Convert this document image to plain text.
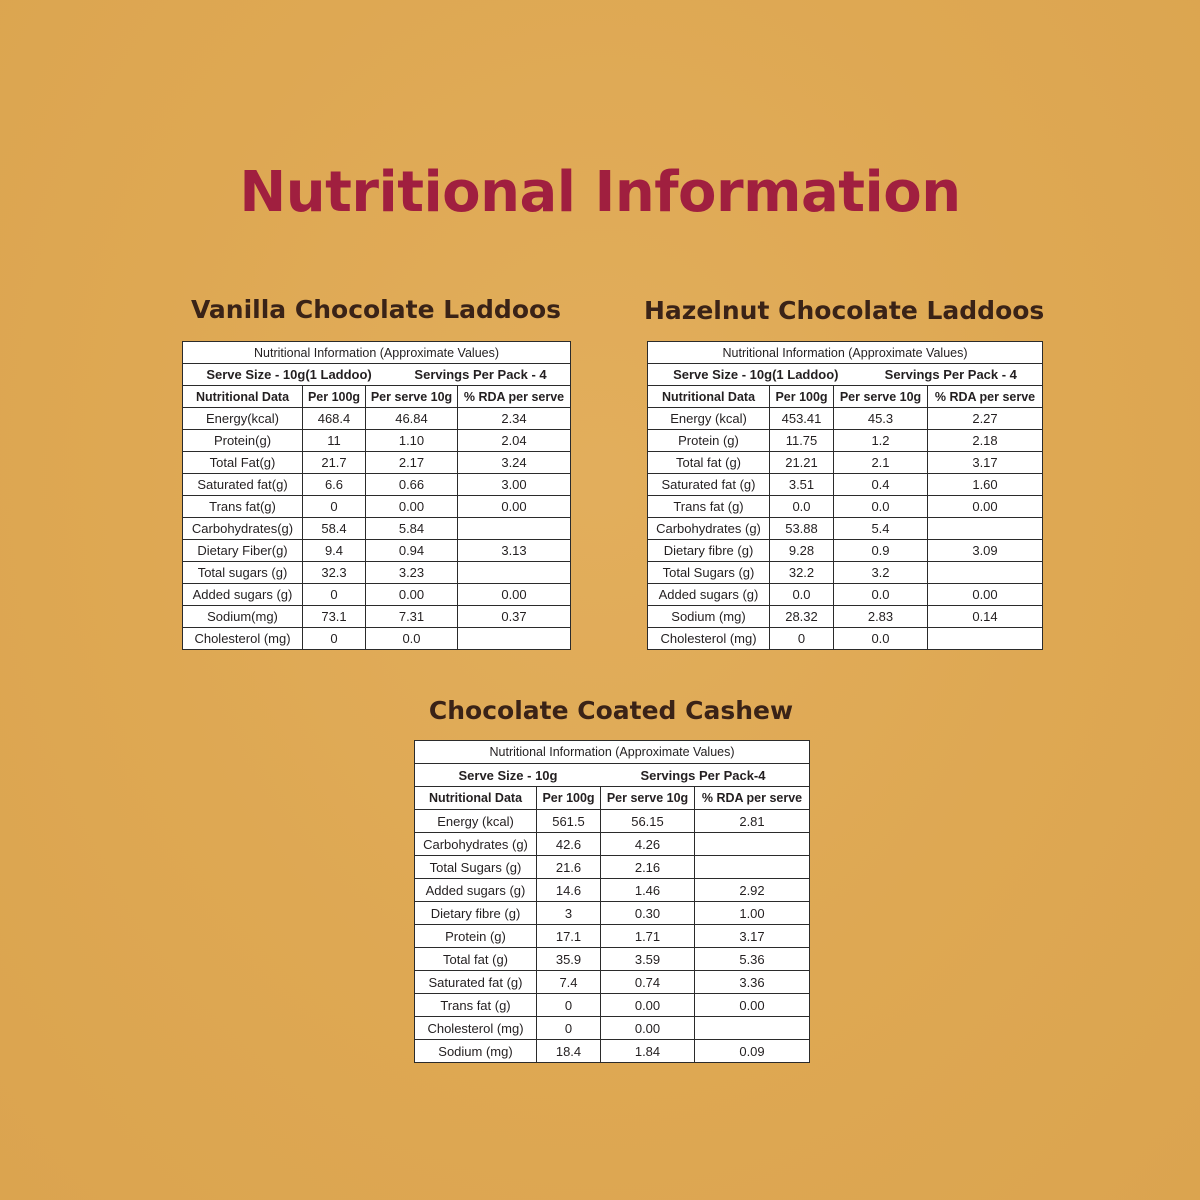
Nutritional Information
Vanilla Chocolate Laddoos	Hazelnut Chocolate Laddoos
Chocolate Coated Cashew
Nutritional Information (Approximate Values)			

Serve Size - 10g(1 Laddoo) Servings Per Pack - 4			

Nutritional Data	Per 100g	Per serve 10g	% RDA per serve
Energy(kcal)	468.4	46.84	2.34
Protein(g)	11	1.10	2.04
Total Fat(g)	21.7	2.17	3.24
Saturated fat(g)	6.6	0.66	3.00
Trans fat(g)	0	0.00	0.00
Carbohydrates(g)	58.4	5.84	
Dietary Fiber(g)	9.4	0.94	3.13
Total sugars (g)	32.3	3.23	
Added sugars (g)	0	0.00	0.00
Sodium(mg)	73.1	7.31	0.37
Cholesterol (mg)	0	0.0	
Nutritional Information (Approximate Values)			

Serve Size - 10g(1 Laddoo) Servings Per Pack - 4			

Nutritional Data	Per 100g	Per serve 10g	% RDA per serve
Energy (kcal)	453.41	45.3	2.27
Protein (g)	11.75	1.2	2.18
Total fat (g)	21.21	2.1	3.17
Saturated fat (g)	3.51	0.4	1.60
Trans fat (g)	0.0	0.0	0.00
Carbohydrates (g)	53.88	5.4	
Dietary fibre (g)	9.28	0.9	3.09
Total Sugars (g)	32.2	3.2	
Added sugars (g)	0.0	0.0	0.00
Sodium (mg)	28.32	2.83	0.14
Cholesterol (mg)	0	0.0	
Nutritional Information (Approximate Values)			

Serve Size - 10g Servings Per Pack-4			

Nutritional Data	Per 100g	Per serve 10g	% RDA per serve
Energy (kcal)	561.5	56.15	2.81
Carbohydrates (g)	42.6	4.26	
Total Sugars (g)	21.6	2.16	
Added sugars (g)	14.6	1.46	2.92
Dietary fibre (g)	3	0.30	1.00
Protein (g)	17.1	1.71	3.17
Total fat (g)	35.9	3.59	5.36
Saturated fat (g)	7.4	0.74	3.36
Trans fat (g)	0	0.00	0.00
Cholesterol (mg)	0	0.00	
Sodium (mg)	18.4	1.84	0.09
